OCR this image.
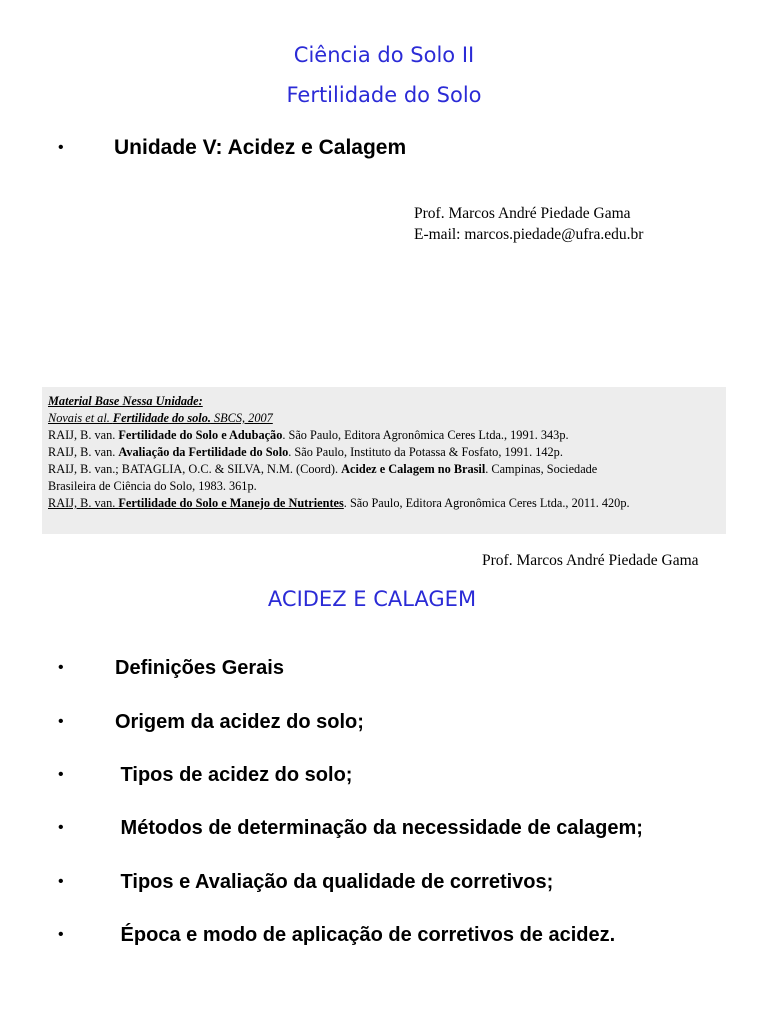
Ciência do Solo II
Fertilidade do Solo
• Unidade V: Acidez e Calagem
Prof. Marcos André Piedade Gama
E-mail: marcos.piedade@ufra.edu.br
Material Base Nessa Unidade:
Novais et al. Fertilidade do solo. SBCS, 2007
RAIJ, B. van. Fertilidade do Solo e Adubação. São Paulo, Editora Agronômica Ceres Ltda., 1991. 343p.
RAIJ, B. van. Avaliação da Fertilidade do Solo. São Paulo, Instituto da Potassa & Fosfato, 1991. 142p.
RAIJ, B. van.; BATAGLIA, O.C. & SILVA, N.M. (Coord). Acidez e Calagem no Brasil. Campinas, Sociedade
Brasileira de Ciência do Solo, 1983. 361p.
RAIJ, B. van. Fertilidade do Solo e Manejo de Nutrientes. São Paulo, Editora Agronômica Ceres Ltda., 2011. 420p.
Prof. Marcos André Piedade Gama
ACIDEZ E CALAGEM
•	Definições Gerais
•	Origem da acidez do solo;
•	Tipos de acidez do solo;
•	Métodos de determinação da necessidade de calagem;
•	Tipos e Avaliação da qualidade de corretivos;
•	Época e modo de aplicação de corretivos de acidez.
